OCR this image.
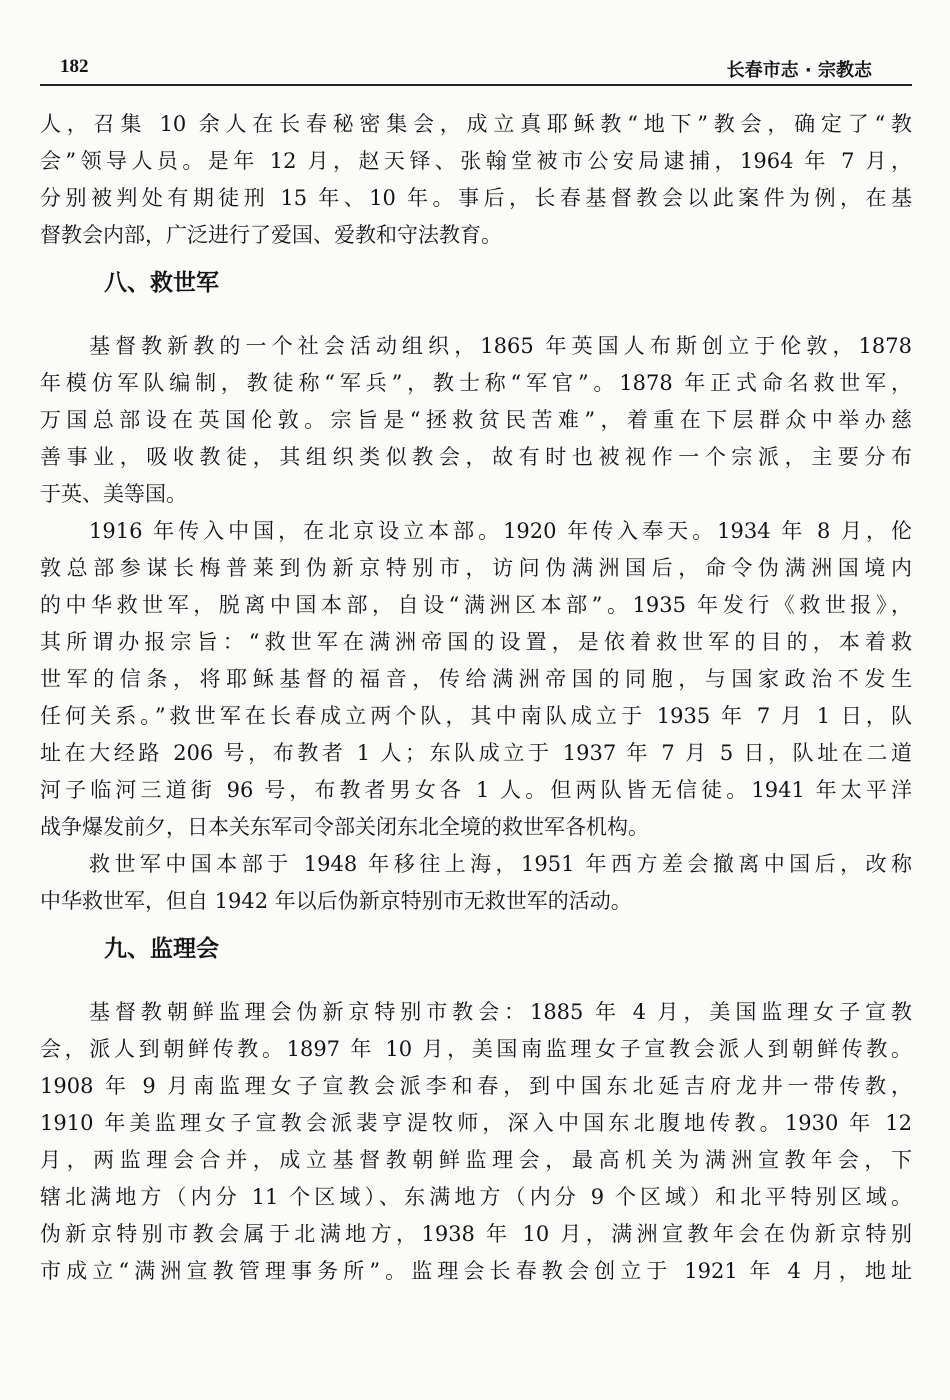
182	长春市志 · 宗教志
人，召集 10 余人在长春秘密集会，成立真耶稣教“地下”教会，确定了“教
会”领导人员。是年 12 月，赵天铎、张翰堂被市公安局逮捕，1964 年 7 月，
分别被判处有期徒刑 15 年、10 年。事后，长春基督教会以此案件为例，在基
督教会内部，广泛进行了爱国、爱教和守法教育。
八、救世军
基督教新教的一个社会活动组织，1865 年英国人布斯创立于伦敦，1878
年模仿军队编制，教徒称“军兵”，教士称“军官”。1878 年正式命名救世军，
万国总部设在英国伦敦。宗旨是“拯救贫民苦难”，着重在下层群众中举办慈
善事业，吸收教徒，其组织类似教会，故有时也被视作一个宗派，主要分布
于英、美等国。
1916 年传入中国，在北京设立本部。1920 年传入奉天。1934 年 8 月，伦
敦总部参谋长梅普莱到伪新京特别市，访问伪满洲国后，命令伪满洲国境内
的中华救世军，脱离中国本部，自设“满洲区本部”。1935 年发行《救世报》，
其所谓办报宗旨：“救世军在满洲帝国的设置，是依着救世军的目的，本着救
世军的信条，将耶稣基督的福音，传给满洲帝国的同胞，与国家政治不发生
任何关系。”救世军在长春成立两个队，其中南队成立于 1935 年 7 月 1 日，队
址在大经路 206 号，布教者 1 人；东队成立于 1937 年 7 月 5 日，队址在二道
河子临河三道街 96 号，布教者男女各 1 人。但两队皆无信徒。1941 年太平洋
战争爆发前夕，日本关东军司令部关闭东北全境的救世军各机构。
救世军中国本部于 1948 年移往上海，1951 年西方差会撤离中国后，改称
中华救世军，但自 1942 年以后伪新京特别市无救世军的活动。
九、监理会
基督教朝鲜监理会伪新京特别市教会：1885 年 4 月，美国监理女子宣教
会，派人到朝鲜传教。1897 年 10 月，美国南监理女子宣教会派人到朝鲜传教。
1908 年 9 月南监理女子宣教会派李和春，到中国东北延吉府龙井一带传教，
1910 年美监理女子宣教会派裴亨湜牧师，深入中国东北腹地传教。1930 年 12
月，两监理会合并，成立基督教朝鲜监理会，最高机关为满洲宣教年会，下
辖北满地方（内分 11 个区域）、东满地方（内分 9 个区域）和北平特别区域。
伪新京特别市教会属于北满地方，1938 年 10 月，满洲宣教年会在伪新京特别
市成立“满洲宣教管理事务所”。监理会长春教会创立于 1921 年 4 月，地址
